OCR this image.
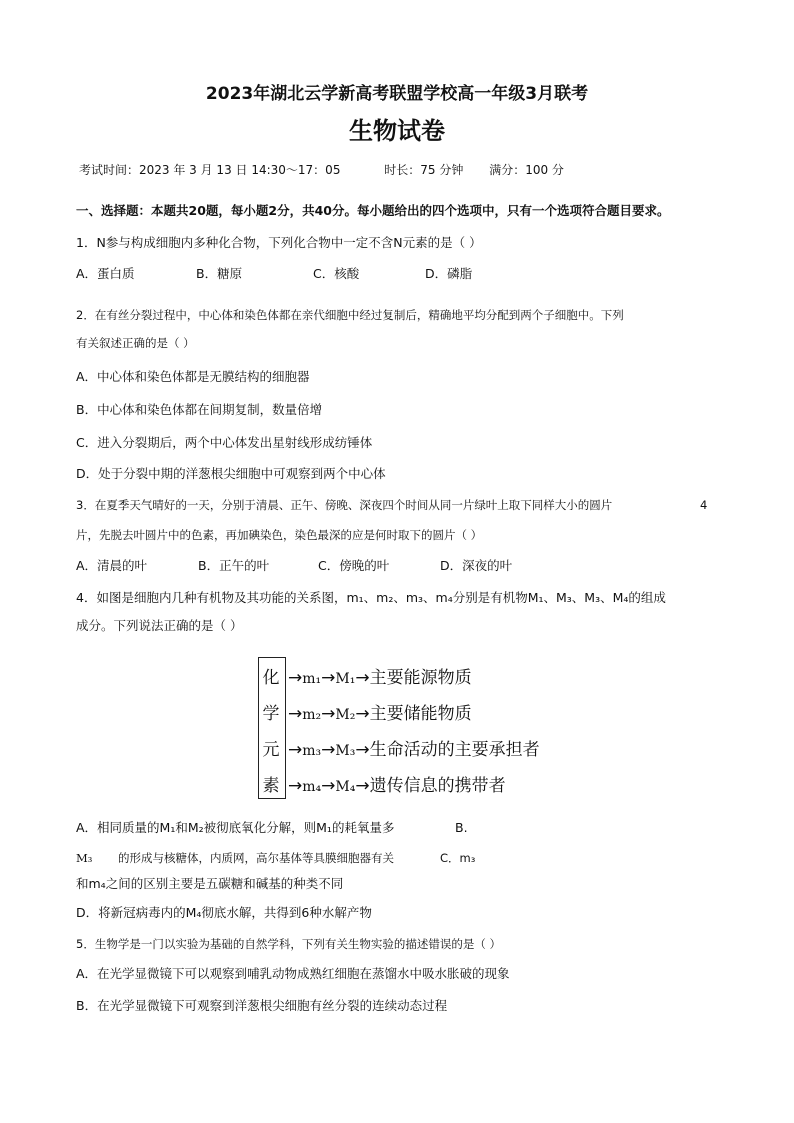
2023年湖北云学新高考联盟学校高一年级3月联考
生物试卷
考试时间：2023 年 3 月 13 日 14:30～17：05	时长：75 分钟 满分：100 分
一、选择题：本题共20题，每小题2分，共40分。每小题给出的四个选项中，只有一个选项符合题目要求。
1．N参与构成细胞内多种化合物，下列化合物中一定不含N元素的是（ ）
A．蛋白质	B．糖原	C．核酸	D．磷脂
2．在有丝分裂过程中，中心体和染色体都在亲代细胞中经过复制后，精确地平均分配到两个子细胞中。下列
有关叙述正确的是（ ）
A．中心体和染色体都是无膜结构的细胞器
B．中心体和染色体都在间期复制，数量倍增
C．进入分裂期后，两个中心体发出星射线形成纺锤体
D．处于分裂中期的洋葱根尖细胞中可观察到两个中心体
3．在夏季天气晴好的一天，分别于清晨、正午、傍晚、深夜四个时间从同一片绿叶上取下同样大小的圆片	4
片，先脱去叶圆片中的色素，再加碘染色，染色最深的应是何时取下的圆片（ ）
A．清晨的叶	B．正午的叶	C．傍晚的叶	D．深夜的叶
4．如图是细胞内几种有机物及其功能的关系图，m₁、m₂、m₃、m₄分别是有机物M₁、M₃、M₃、M₄的组成
成分。下列说法正确的是（ ）
化
学
元
素
→m₁→M₁→主要能源物质
→m₂→M₂→主要储能物质
→m₃→M₃→生命活动的主要承担者
→m₄→M₄→遗传信息的携带者
A．相同质量的M₁和M₂被彻底氧化分解，则M₁的耗氧量多	B.
M₃ 的形成与核糖体，内质网，高尔基体等具膜细胞器有关	C．m₃
和m₄之间的区别主要是五碳糖和碱基的种类不同
D．将新冠病毒内的M₄彻底水解，共得到6种水解产物
5．生物学是一门以实验为基础的自然学科，下列有关生物实验的描述错误的是（ ）
A．在光学显微镜下可以观察到哺乳动物成熟红细胞在蒸馏水中吸水胀破的现象
B．在光学显微镜下可观察到洋葱根尖细胞有丝分裂的连续动态过程
